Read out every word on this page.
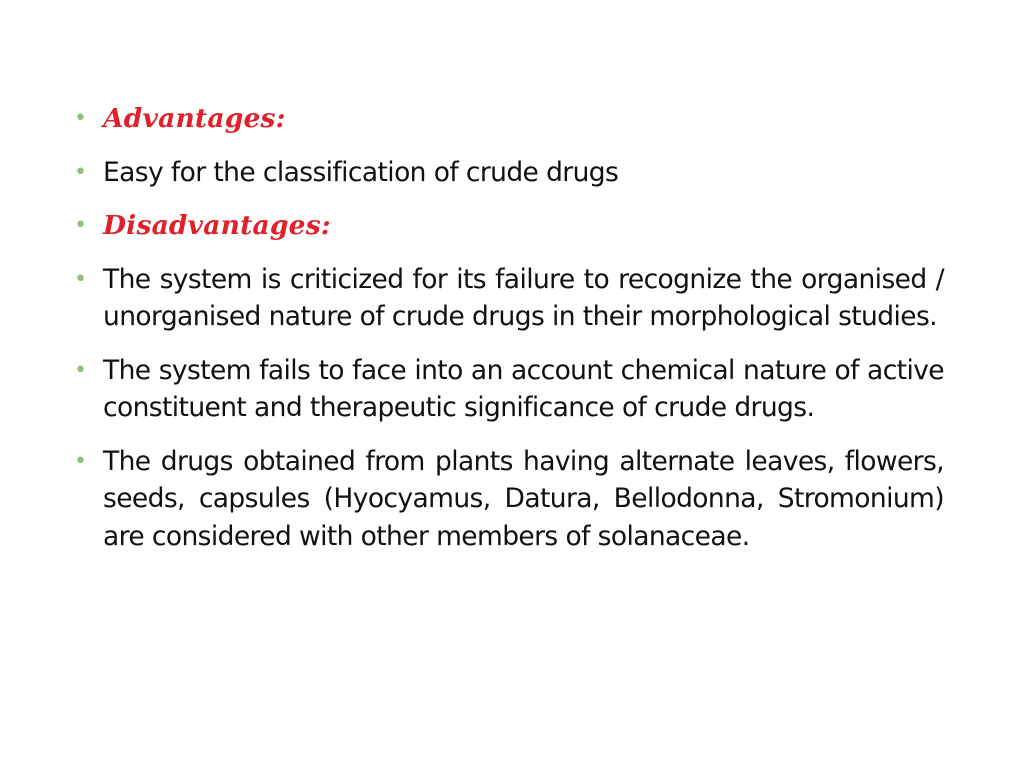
• Advantages:
• Easy for the classification of crude drugs
• Disadvantages:
• The system is criticized for its failure to recognize the organised / unorganised nature of crude drugs in their morphological studies.
• The system fails to face into an account chemical nature of active constituent and therapeutic significance of crude drugs.
• The drugs obtained from plants having alternate leaves, flowers, seeds, capsules (Hyocyamus, Datura, Bellodonna, Stromonium) are considered with other members of solanaceae.
